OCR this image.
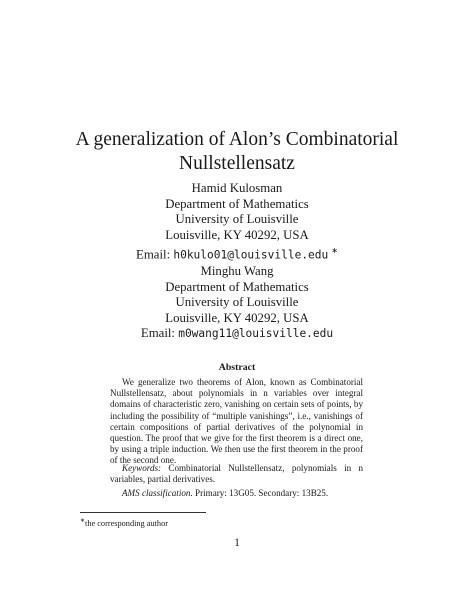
A generalization of Alon’s Combinatorial
Nullstellensatz
Hamid Kulosman
Department of Mathematics
University of Louisville
Louisville, KY 40292, USA
Email: h0kulo01@louisville.edu ∗
Minghu Wang
Department of Mathematics
University of Louisville
Louisville, KY 40292, USA
Email: m0wang11@louisville.edu
Abstract

We generalize two theorems of Alon, known as Combinatorial Nullstellensatz, about polynomials in n variables over integral domains of characteristic zero, vanishing on certain sets of points, by including the possibility of “multiple vanishings”, i.e., vanishings of certain compositions of partial derivatives of the polynomial in question. The proof that we give for the first theorem is a direct one, by using a triple induction. We then use the first theorem in the proof of the second one.

Keywords: Combinatorial Nullstellensatz, polynomials in n variables, partial derivatives.
AMS classification. Primary: 13G05. Secondary: 13B25.
∗the corresponding author
1
